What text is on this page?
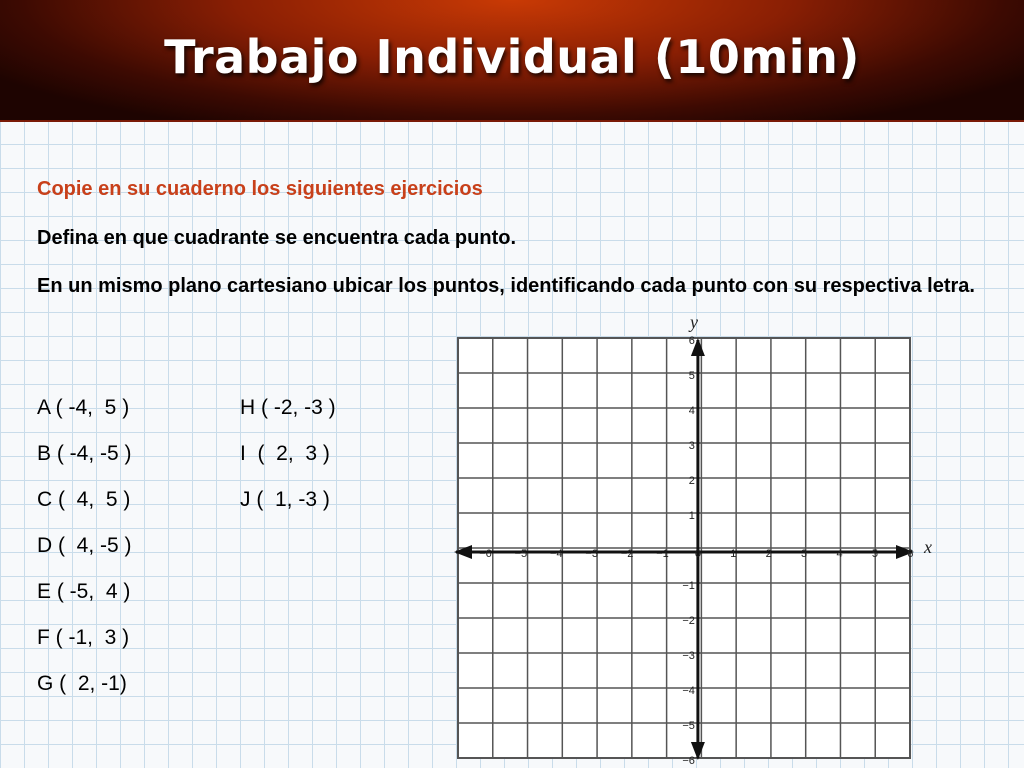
Trabajo Individual (10min)
Copie en su cuaderno los siguientes ejercicios
Defina en que cuadrante se encuentra cada punto.
En un mismo plano cartesiano ubicar los puntos, identificando cada punto con su respectiva letra.
A ( -4,  5 )
B ( -4, -5 )
C (  4,  5 )
D (  4, -5 )
E ( -5,  4 )
F ( -1,  3 )
G (  2, -1)
H ( -2, -3 )
I  (  2,  3 )
J (  1, -3 )
−6 −5 −4 −3 −2 −1 0	1	2	3	4	5	6
6
5
4
3
2
1
−1
−2
−3
−4
−5
−6
x
y
